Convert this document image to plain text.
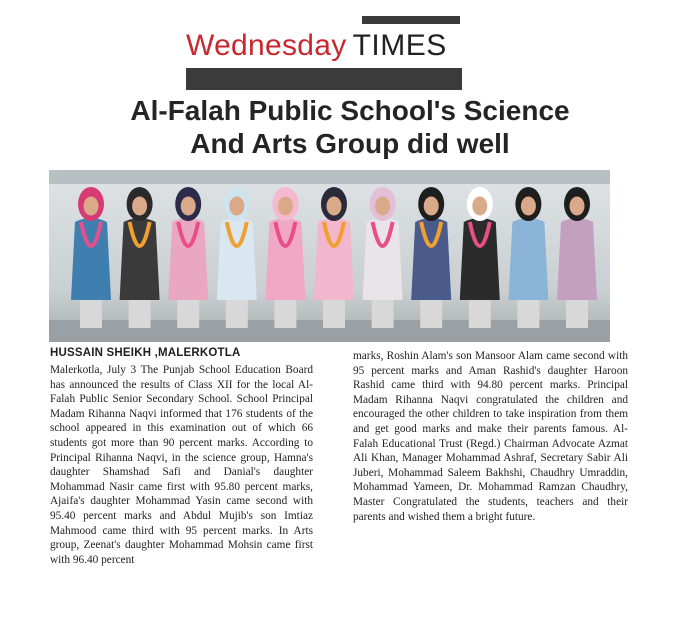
Wednesday TIMES
Al-Falah Public School's Science
And Arts Group did well
HUSSAIN SHEIKH ,MALERKOTLA
Malerkotla, July 3 The Punjab School Education Board has announced the results of Class XII for the local Al-Falah Public Senior Secondary School. School Principal Madam Rihanna Naqvi informed that 176 students of the school appeared in this examination out of which 66 students got more than 90 percent marks. According to Principal Rihanna Naqvi, in the science group, Hamna's daughter Shamshad Safi and Danial's daughter Mohammad Nasir came first with 95.80 percent marks, Ajaifa's daughter Mohammad Yasin came second with 95.40 percent marks and Abdul Mujib's son Imtiaz Mahmood came third with 95 percent marks. In Arts group, Zeenat's daughter Mohammad Mohsin came first with 96.40 percent
marks, Roshin Alam's son Mansoor Alam came second with 95 percent marks and Aman Rashid's daughter Haroon Rashid came third with 94.80 percent marks. Principal Madam Rihanna Naqvi congratulated the children and encouraged the other children to take inspiration from them and get good marks and make their parents famous. Al-Falah Educational Trust (Regd.) Chairman Advocate Azmat Ali Khan, Manager Mohammad Ashraf, Secretary Sabir Ali Juberi, Mohammad Saleem Bakhshi, Chaudhry Umraddin, Mohammad Yameen, Dr. Mohammad Ramzan Chaudhry, Master Congratulated the students, teachers and their parents and wished them a bright future.
